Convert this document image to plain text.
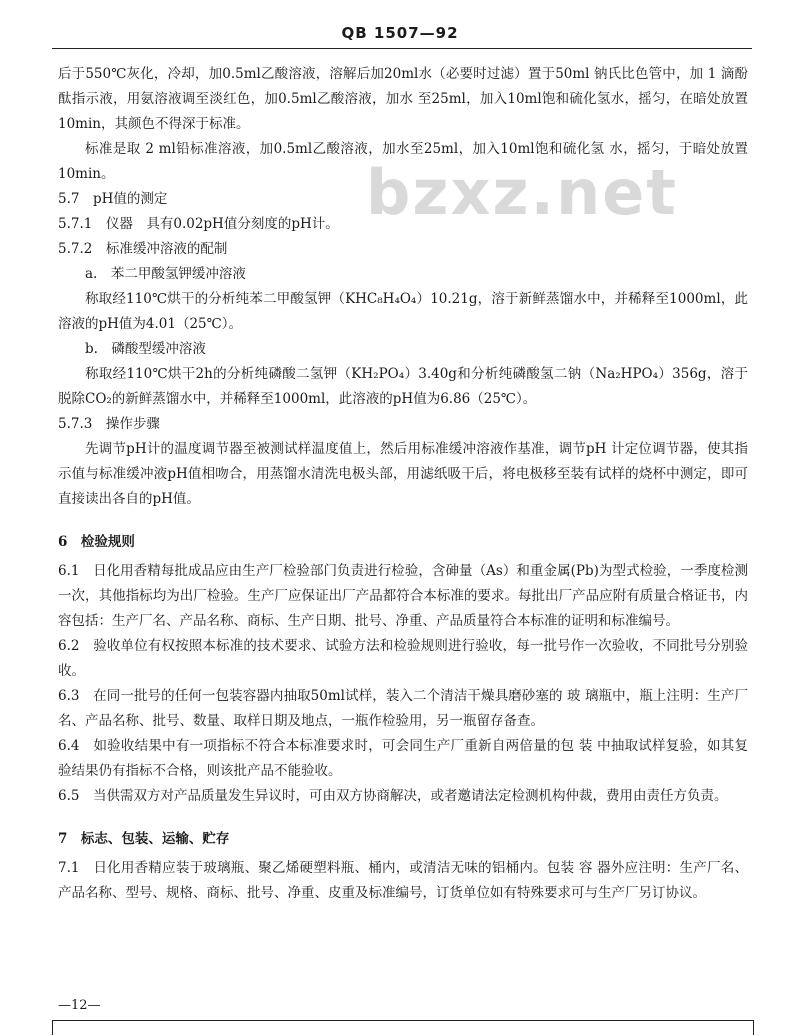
QB 1507—92

后于550℃灰化，冷却，加0.5ml乙酸溶液，溶解后加20ml水（必要时过滤）置于50ml 钠氏比色管中，加 1 滴酚酞指示液，用氨溶液调至淡红色，加0.5ml乙酸溶液，加水 至25ml，加入10ml饱和硫化氢水，摇匀，在暗处放置10min，其颜色不得深于标准。

标准是取 2 ml铅标准溶液，加0.5ml乙酸溶液，加水至25ml，加入10ml饱和硫化氢 水，摇匀，于暗处放置10min。

5.7　pH值的测定

5.7.1　仪器　具有0.02pH值分刻度的pH计。

5.7.2　标准缓冲溶液的配制

a.　苯二甲酸氢钾缓冲溶液

称取经110℃烘干的分析纯苯二甲酸氢钾（KHC₈H₄O₄）10.21g，溶于新鲜蒸馏水中，并稀释至1000ml，此溶液的pH值为4.01（25℃）。

b.　磷酸型缓冲溶液

称取经110℃烘干2h的分析纯磷酸二氢钾（KH₂PO₄）3.40g和分析纯磷酸氢二钠（Na₂HPO₄）356g，溶于脱除CO₂的新鲜蒸馏水中，并稀释至1000ml，此溶液的pH值为6.86（25℃）。

5.7.3　操作步骤

先调节pH计的温度调节器至被测试样温度值上，然后用标准缓冲溶液作基准，调节pH 计定位调节器，使其指示值与标准缓冲液pH值相吻合，用蒸馏水清洗电极头部，用滤纸吸干后，将电极移至装有试样的烧杯中测定，即可直接读出各自的pH值。

6　检验规则

6.1　日化用香精每批成品应由生产厂检验部门负责进行检验，含砷量（As）和重金属(Pb)为型式检验，一季度检测一次，其他指标均为出厂检验。生产厂应保证出厂产品都符合本标准的要求。每批出厂产品应附有质量合格证书，内容包括：生产厂名、产品名称、商标、生产日期、批号、净重、产品质量符合本标准的证明和标准编号。

6.2　验收单位有权按照本标准的技术要求、试验方法和检验规则进行验收，每一批号作一次验收，不同批号分别验收。

6.3　在同一批号的任何一包装容器内抽取50ml试样，装入二个清洁干燥具磨砂塞的 玻 璃瓶中，瓶上注明：生产厂名、产品名称、批号、数量、取样日期及地点，一瓶作检验用，另一瓶留存备查。

6.4　如验收结果中有一项指标不符合本标准要求时，可会同生产厂重新自两倍量的包 装 中抽取试样复验，如其复验结果仍有指标不合格，则该批产品不能验收。

6.5　当供需双方对产品质量发生异议时，可由双方协商解决，或者邀请法定检测机构仲裁，费用由责任方负责。

7　标志、包装、运输、贮存

7.1　日化用香精应装于玻璃瓶、聚乙烯硬塑料瓶、桶内，或清洁无味的铝桶内。包装 容 器外应注明：生产厂名、产品名称、型号、规格、商标、批号、净重、皮重及标准编号，订货单位如有特殊要求可与生产厂另订协议。

bzxz.net
—12—
